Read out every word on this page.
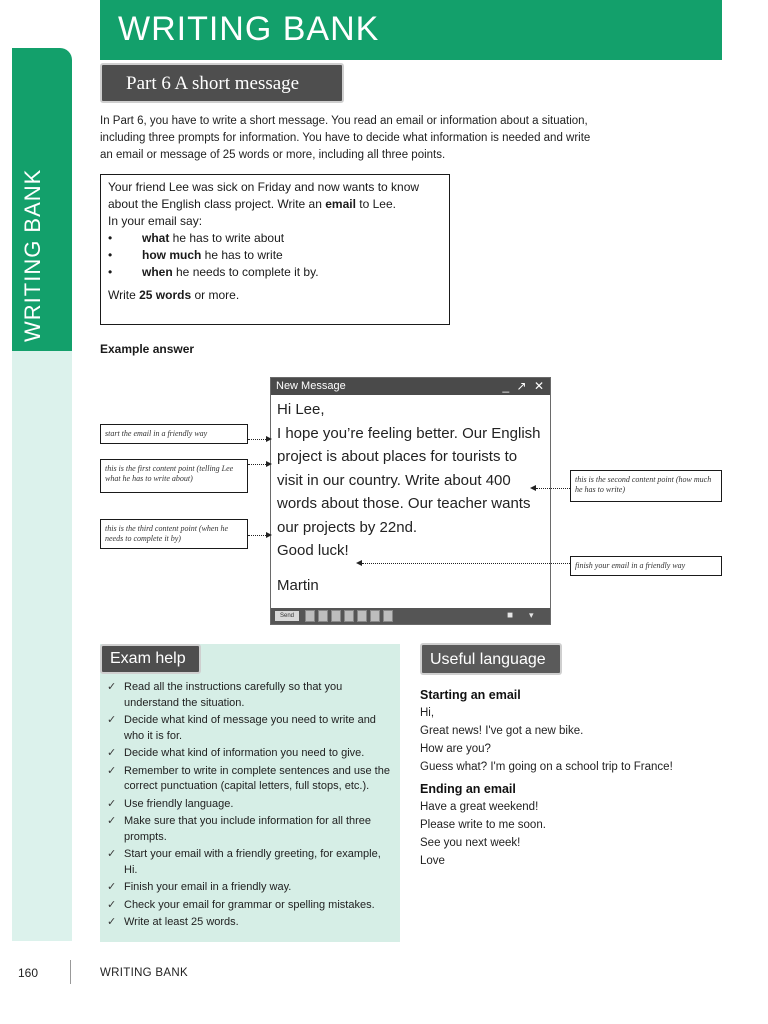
WRITING BANK
WRITING BANK
Part 6 A short message
In Part 6, you have to write a short message. You read an email or information about a situation, including three prompts for information. You have to decide what information is needed and write an email or message of 25 words or more, including all three points.

Your friend Lee was sick on Friday and now wants to know about the English class project. Write an email to Lee.

In your email say:

• what he has to write about

• how much he has to write

• when he needs to complete it by.

Write 25 words or more.

Example answer
New Message	_ ↗ ✕

Hi Lee,

I hope you’re feeling better. Our English project is about places for tourists to visit in our country. Write about 400 words about those. Our teacher wants our projects by 22nd.

Good luck!

Martin

Send	■ ▾
start the email in a friendly way
this is the first content point (telling Lee what he has to write about)
this is the third content point (when he needs to complete it by)
this is the second content point (how much he has to write)
finish your email in a friendly way
Exam help
✓ Read all the instructions carefully so that you understand the situation.
✓ Decide what kind of message you need to write and who it is for.
✓ Decide what kind of information you need to give.
✓ Remember to write in complete sentences and use the correct punctuation (capital letters, full stops, etc.).
✓ Use friendly language.
✓ Make sure that you include information for all three prompts.
✓ Start your email with a friendly greeting, for example, Hi.
✓ Finish your email in a friendly way.
✓ Check your email for grammar or spelling mistakes.
✓ Write at least 25 words.
Useful language
Starting an email
Hi,
Great news! I've got a new bike.
How are you?
Guess what? I'm going on a school trip to France!
Ending an email
Have a great weekend!
Please write to me soon.
See you next week!
Love
160	WRITING BANK
